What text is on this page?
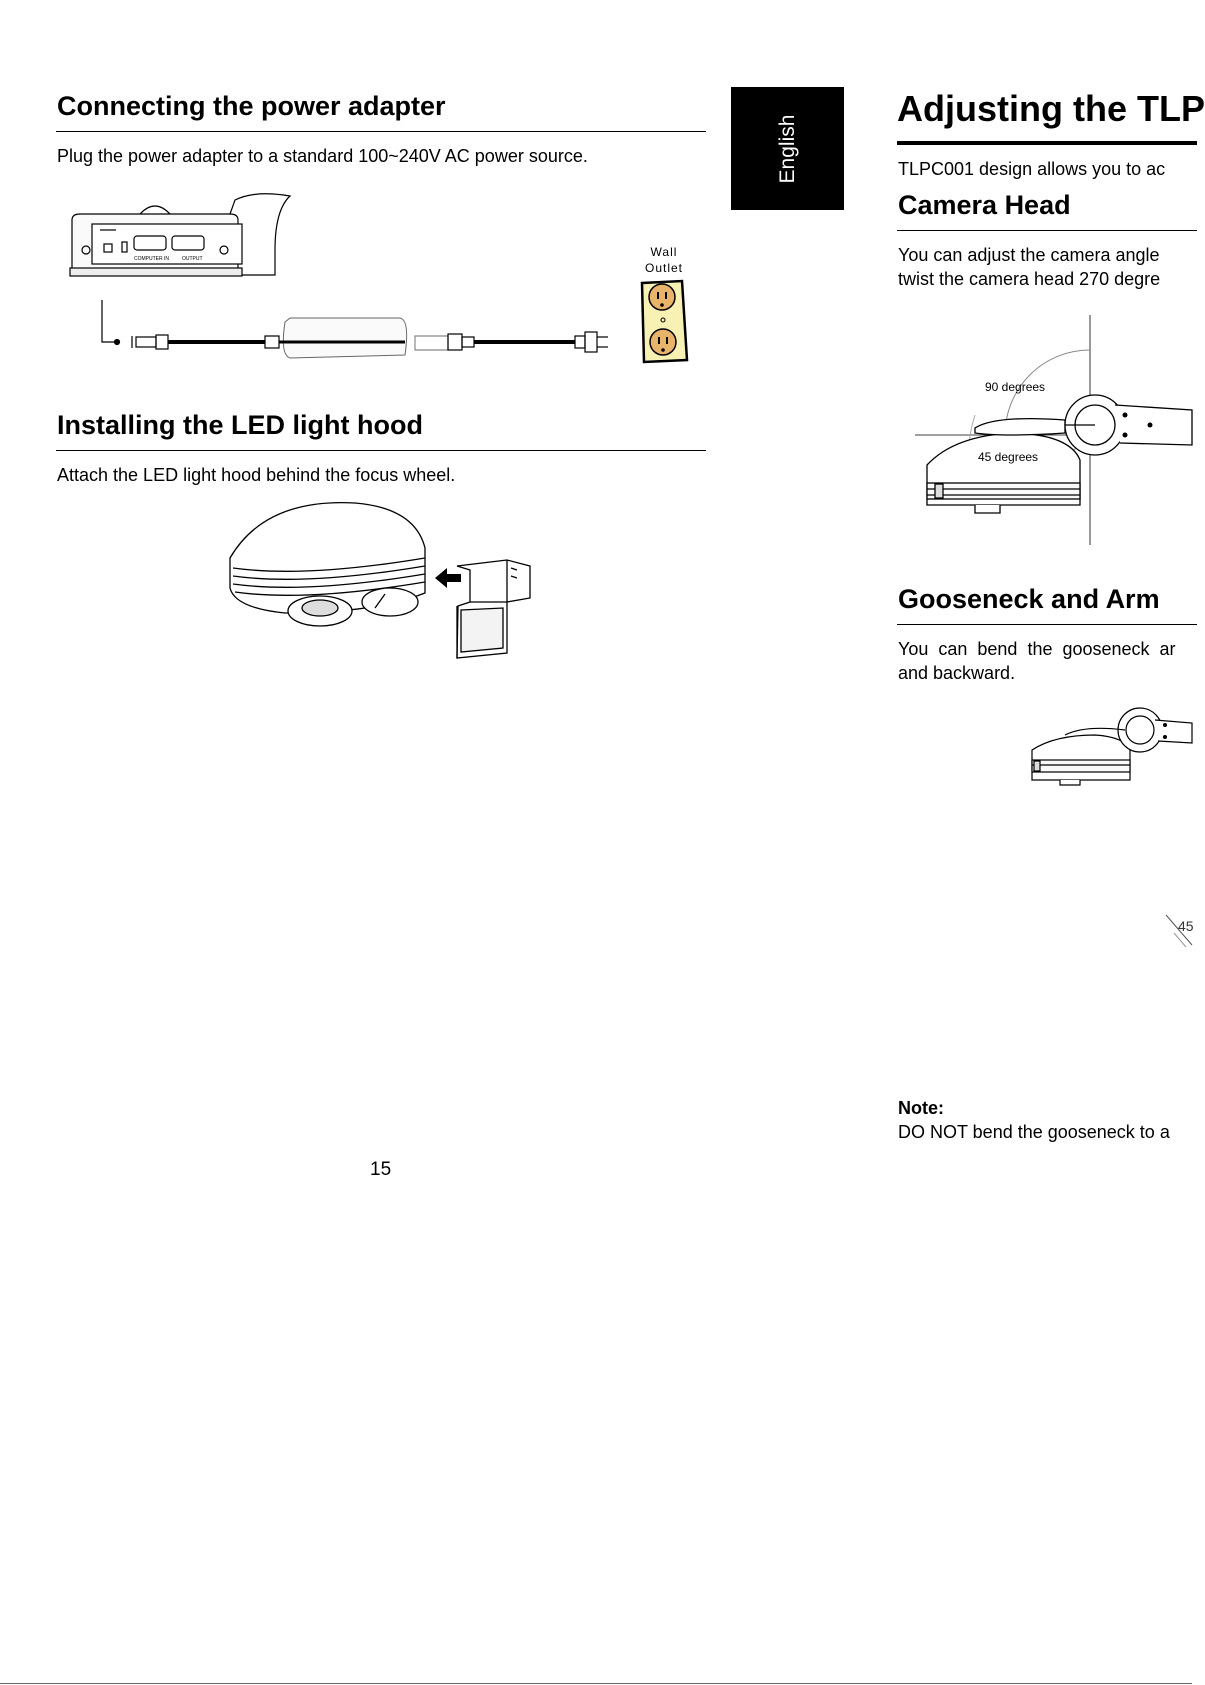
Connecting the power adapter
Plug the power adapter to a standard 100~240V AC power source.
COMPUTER IN	OUTPUT	Wall
Outlet
Installing the LED light hood
Attach the LED light hood behind the focus wheel.
15
English
Adjusting the TLP
TLPC001 design allows you to ac
Camera Head
You can adjust the camera angle
twist the camera head 270 degre
90 degrees
45 degrees
Gooseneck and Arm
You can bend the gooseneck ar
and backward.
45
Note:
DO NOT bend the gooseneck to a
